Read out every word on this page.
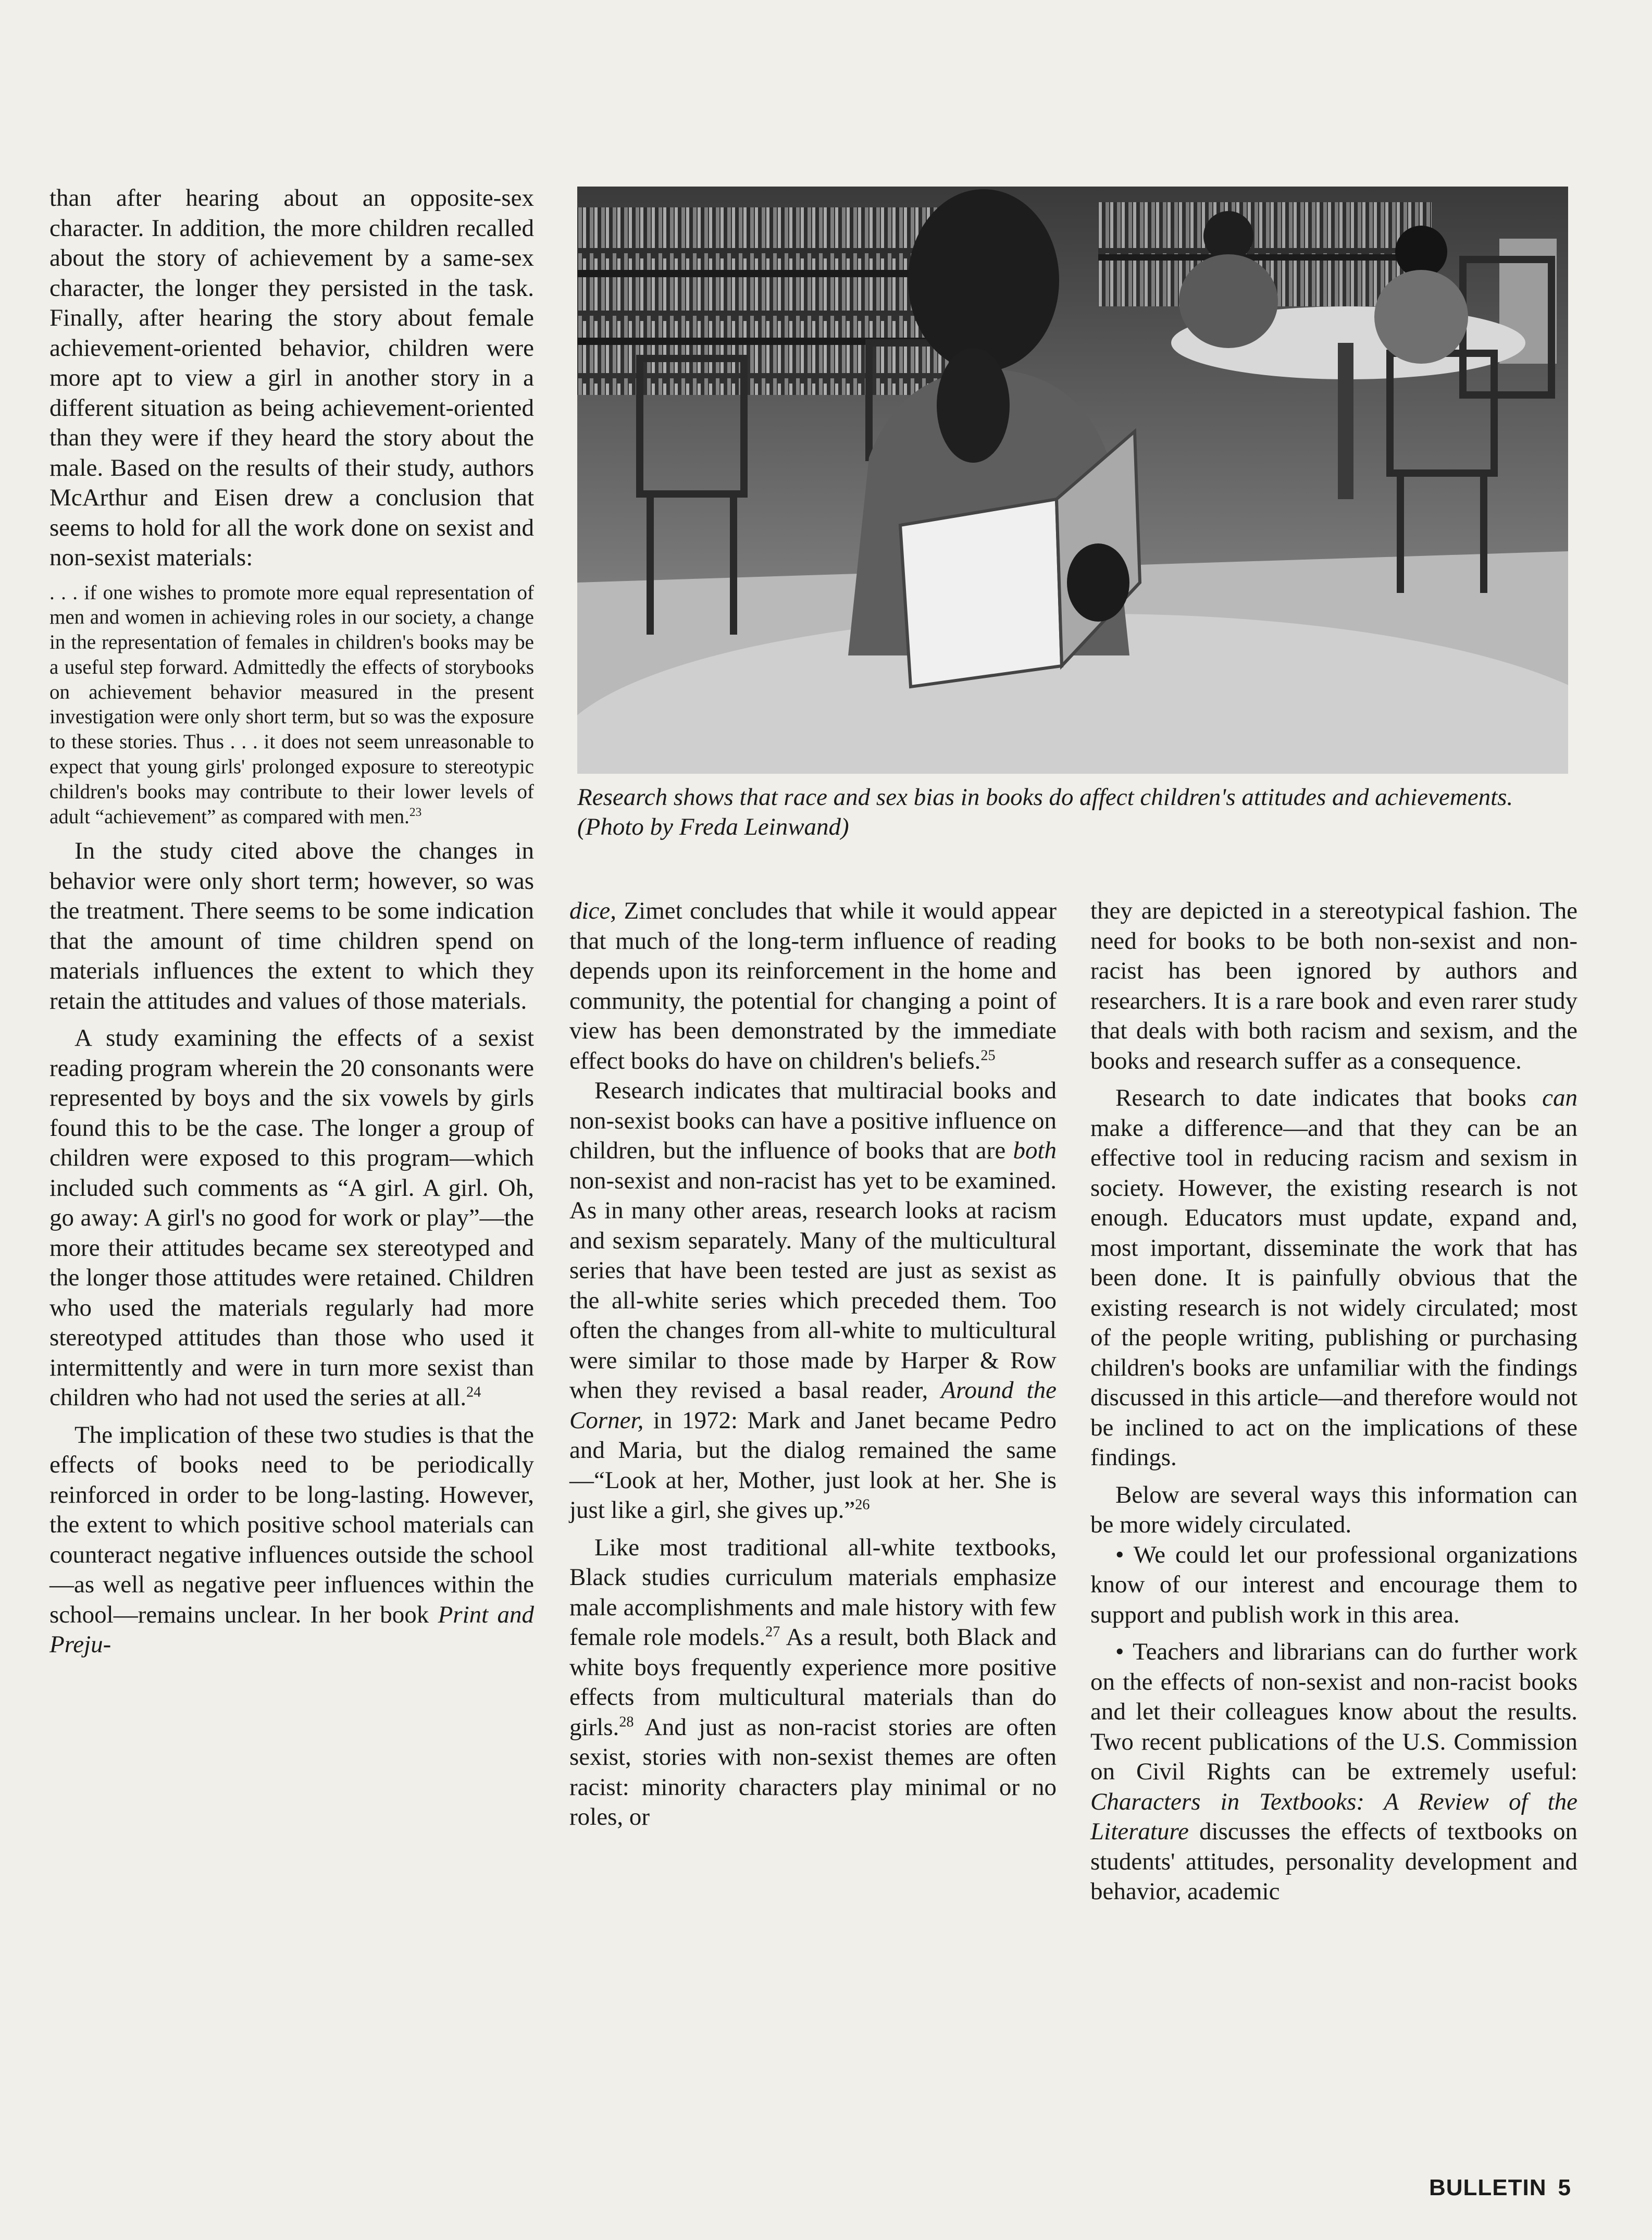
than after hearing about an opposite-sex character. In addition, the more children recalled about the story of achievement by a same-sex character, the longer they persisted in the task. Finally, after hearing the story about female achievement-oriented behavior, children were more apt to view a girl in another story in a different situation as being achievement-oriented than they were if they heard the story about the male. Based on the results of their study, authors McArthur and Eisen drew a conclusion that seems to hold for all the work done on sexist and non-sexist materials:

. . . if one wishes to promote more equal representation of men and women in achieving roles in our society, a change in the representation of females in children's books may be a useful step forward. Admittedly the effects of storybooks on achievement behavior measured in the present investigation were only short term, but so was the exposure to these stories. Thus . . . it does not seem unreasonable to expect that young girls' prolonged exposure to stereotypic children's books may contribute to their lower levels of adult “achievement” as compared with men.$^{23}$

In the study cited above the changes in behavior were only short term; however, so was the treatment. There seems to be some indication that the amount of time children spend on materials influences the extent to which they retain the attitudes and values of those materials.

A study examining the effects of a sexist reading program wherein the 20 consonants were represented by boys and the six vowels by girls found this to be the case. The longer a group of children were exposed to this program—which included such comments as “A girl. A girl. Oh, go away: A girl's no good for work or play”—the more their attitudes became sex stereotyped and the longer those attitudes were retained. Children who used the materials regularly had more stereotyped attitudes than those who used it intermittently and were in turn more sexist than children who had not used the series at all.$^{24}$

The implication of these two studies is that the effects of books need to be periodically reinforced in order to be long-lasting. However, the extent to which positive school materials can counteract negative influences outside the school—as well as negative peer influences within the school—remains unclear. In her book Print and Preju-

Research shows that race and sex bias in books do affect children's attitudes and achievements. (Photo by Freda Leinwand)

dice, Zimet concludes that while it would appear that much of the long-term influence of reading depends upon its reinforcement in the home and community, the potential for changing a point of view has been demonstrated by the immediate effect books do have on children's beliefs.$^{25}$

Research indicates that multiracial books and non-sexist books can have a positive influence on children, but the influence of books that are both non-sexist and non-racist has yet to be examined. As in many other areas, research looks at racism and sexism separately. Many of the multicultural series that have been tested are just as sexist as the all-white series which preceded them. Too often the changes from all-white to multicultural were similar to those made by Harper & Row when they revised a basal reader, Around the Corner, in 1972: Mark and Janet became Pedro and Maria, but the dialog remained the same—“Look at her, Mother, just look at her. She is just like a girl, she gives up.”$^{26}$

Like most traditional all-white textbooks, Black studies curriculum materials emphasize male accomplishments and male history with few female role models.$^{27}$ As a result, both Black and white boys frequently experience more positive effects from multicultural materials than do girls.$^{28}$ And just as non-racist stories are often sexist, stories with non-sexist themes are often racist: minority characters play minimal or no roles, or

they are depicted in a stereotypical fashion. The need for books to be both non-sexist and non-racist has been ignored by authors and researchers. It is a rare book and even rarer study that deals with both racism and sexism, and the books and research suffer as a consequence.

Research to date indicates that books can make a difference—and that they can be an effective tool in reducing racism and sexism in society. However, the existing research is not enough. Educators must update, expand and, most important, disseminate the work that has been done. It is painfully obvious that the existing research is not widely circulated; most of the people writing, publishing or purchasing children's books are unfamiliar with the findings discussed in this article—and therefore would not be inclined to act on the implications of these findings.

Below are several ways this information can be more widely circulated.

• We could let our professional organizations know of our interest and encourage them to support and publish work in this area.

• Teachers and librarians can do further work on the effects of non-sexist and non-racist books and let their colleagues know about the results. Two recent publications of the U.S. Commission on Civil Rights can be extremely useful: Characters in Textbooks: A Review of the Literature discusses the effects of textbooks on students' attitudes, personality development and behavior, academic

BULLETIN 5
